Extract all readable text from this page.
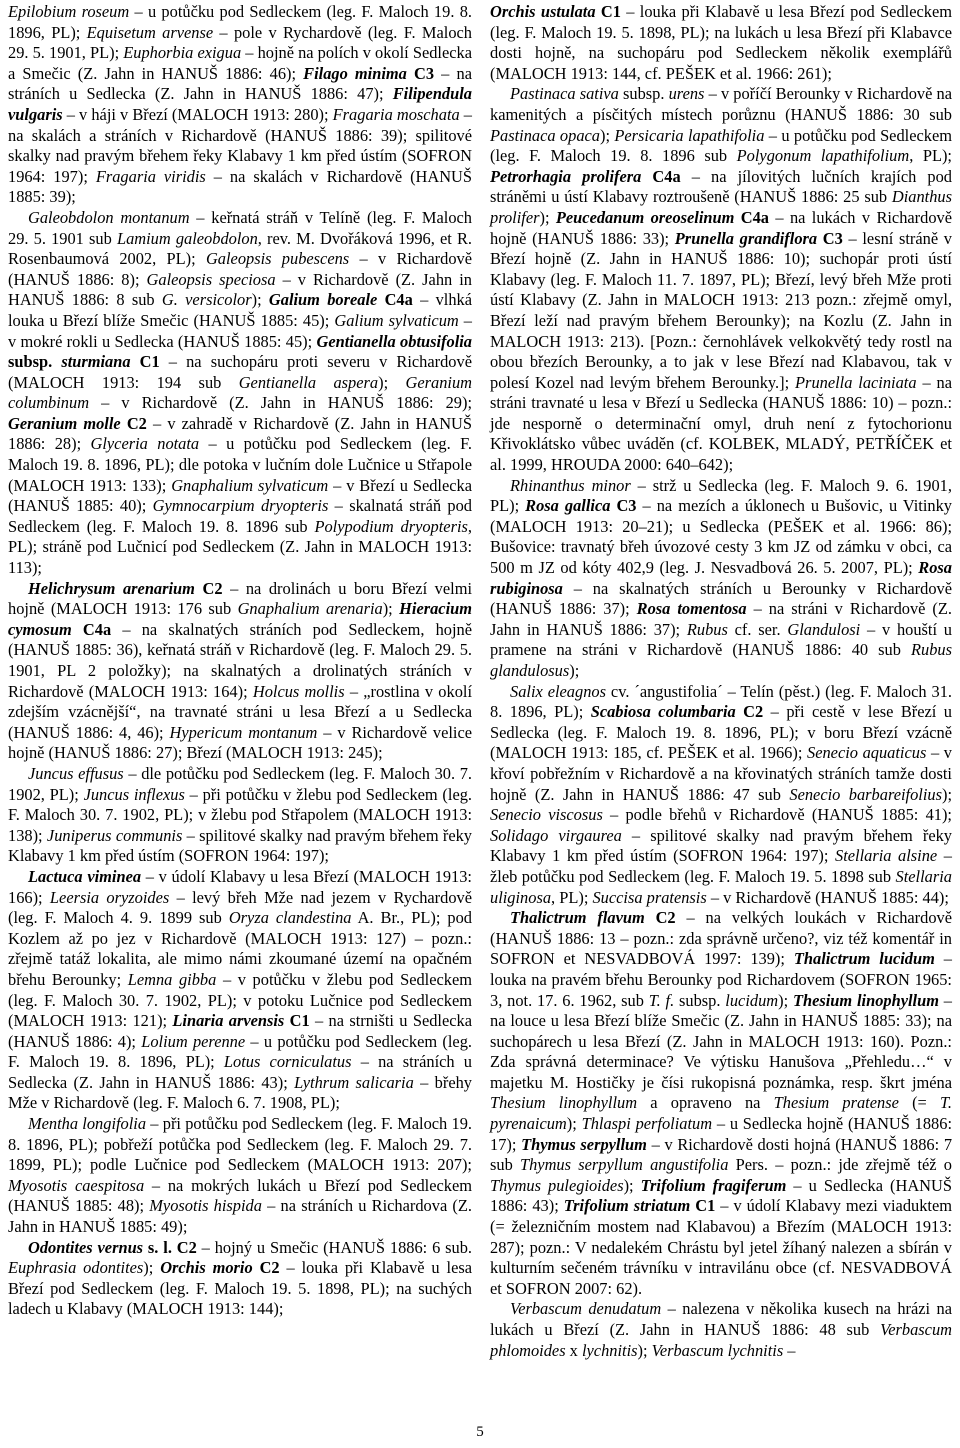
Epilobium roseum – u potůčku pod Sedleckem (leg. F. Maloch 19. 8. 1896, PL); Equisetum arvense – pole v Rychardově (leg. F. Maloch 29. 5. 1901, PL); Euphorbia exigua – hojně na polích v okolí Sedlecka a Smečic (Z. Jahn in HANUŠ 1886: 46); Filago minima C3 – na stráních u Sedlecka (Z. Jahn in HANUŠ 1886: 47); Filipendula vulgaris – v háji v Březí (MALOCH 1913: 280); Fragaria moschata – na skalách a stráních v Richardově (HANUŠ 1886: 39); spilitové skalky nad pravým břehem řeky Klabavy 1 km před ústím (SOFRON 1964: 197); Fragaria viridis – na skalách v Richardově (HANUŠ 1885: 39);

Galeobdolon montanum – keřnatá stráň v Telíně (leg. F. Maloch 29. 5. 1901 sub Lamium galeobdolon, rev. M. Dvořáková 1996, et R. Rosenbaumová 2002, PL); Galeopsis pubescens – v Richardově (HANUŠ 1886: 8); Galeopsis speciosa – v Richardově (Z. Jahn in HANUŠ 1886: 8 sub G. versicolor); Galium boreale C4a – vlhká louka u Březí blíže Smečic (HANUŠ 1885: 45); Galium sylvaticum – v mokré rokli u Sedlecka (HANUŠ 1885: 45); Gentianella obtusifolia subsp. sturmiana C1 – na suchopáru proti severu v Richardově (MALOCH 1913: 194 sub Gentianella aspera); Geranium columbinum – v Richardově (Z. Jahn in HANUŠ 1886: 29); Geranium molle C2 – v zahradě v Richardově (Z. Jahn in HANUŠ 1886: 28); Glyceria notata – u potůčku pod Sedleckem (leg. F. Maloch 19. 8. 1896, PL); dle potoka v lučním dole Lučnice u Střapole (MALOCH 1913: 133); Gnaphalium sylvaticum – v Březí u Sedlecka (HANUŠ 1885: 40); Gymnocarpium dryopteris – skalnatá stráň pod Sedleckem (leg. F. Maloch 19. 8. 1896 sub Polypodium dryopteris, PL); stráně pod Lučnicí pod Sedleckem (Z. Jahn in MALOCH 1913: 113);

Helichrysum arenarium C2 – na drolinách u boru Březí velmi hojně (MALOCH 1913: 176 sub Gnaphalium arenaria); Hieracium cymosum C4a – na skalnatých stráních pod Sedleckem, hojně (HANUŠ 1885: 36), keřnatá stráň v Richardově (leg. F. Maloch 29. 5. 1901, PL 2 položky); na skalnatých a drolinatých stráních v Richardově (MALOCH 1913: 164); Holcus mollis – „rostlina v okolí zdejším vzácnější“, na travnaté stráni u lesa Březí a u Sedlecka (HANUŠ 1886: 4, 46); Hypericum montanum – v Richardově velice hojně (HANUŠ 1886: 27); Březí (MALOCH 1913: 245);

Juncus effusus – dle potůčku pod Sedleckem (leg. F. Maloch 30. 7. 1902, PL); Juncus inflexus – při potůčku v žlebu pod Sedleckem (leg. F. Maloch 30. 7. 1902, PL); v žlebu pod Střapolem (MALOCH 1913: 138); Juniperus communis – spilitové skalky nad pravým břehem řeky Klabavy 1 km před ústím (SOFRON 1964: 197);

Lactuca viminea – v údolí Klabavy u lesa Březí (MALOCH 1913: 166); Leersia oryzoides – levý břeh Mže nad jezem v Rychardově (leg. F. Maloch 4. 9. 1899 sub Oryza clandestina A. Br., PL); pod Kozlem až po jez v Richardově (MALOCH 1913: 127) – pozn.: zřejmě tatáž lokalita, ale mimo námi zkoumané území na opačném břehu Berounky; Lemna gibba – v potůčku v žlebu pod Sedleckem (leg. F. Maloch 30. 7. 1902, PL); v potoku Lučnice pod Sedleckem (MALOCH 1913: 121); Linaria arvensis C1 – na strništi u Sedlecka (HANUŠ 1886: 4); Lolium perenne – u potůčku pod Sedleckem (leg. F. Maloch 19. 8. 1896, PL); Lotus corniculatus – na stráních u Sedlecka (Z. Jahn in HANUŠ 1886: 43); Lythrum salicaria – břehy Mže v Richardově (leg. F. Maloch 6. 7. 1908, PL);

Mentha longifolia – při potůčku pod Sedleckem (leg. F. Maloch 19. 8. 1896, PL); pobřeží potůčka pod Sedleckem (leg. F. Maloch 29. 7. 1899, PL); podle Lučnice pod Sedleckem (MALOCH 1913: 207); Myosotis caespitosa – na mokrých lukách u Březí pod Sedleckem (HANUŠ 1885: 48); Myosotis hispida – na stráních u Richardova (Z. Jahn in HANUŠ 1885: 49);

Odontites vernus s. l. C2 – hojný u Smečic (HANUŠ 1886: 6 sub. Euphrasia odontites); Orchis morio C2 – louka při Klabavě u lesa Březí pod Sedleckem (leg. F. Maloch 19. 5. 1898, PL); na suchých ladech u Klabavy (MALOCH 1913: 144);

Orchis ustulata C1 – louka při Klabavě u lesa Březí pod Sedleckem (leg. F. Maloch 19. 5. 1898, PL); na lukách u lesa Březí při Klabavce dosti hojně, na suchopáru pod Sedleckem několik exemplářů (MALOCH 1913: 144, cf. PEŠEK et al. 1966: 261);

Pastinaca sativa subsp. urens – v poříčí Berounky v Richardově na kamenitých a písčitých místech porůznu (HANUŠ 1886: 30 sub Pastinaca opaca); Persicaria lapathifolia – u potůčku pod Sedleckem (leg. F. Maloch 19. 8. 1896 sub Polygonum lapathifolium, PL); Petrorhagia prolifera C4a – na jílovitých lučních krajích pod stráněmi u ústí Klabavy roztroušeně (HANUŠ 1886: 25 sub Dianthus prolifer); Peucedanum oreoselinum C4a – na lukách v Richardově hojně (HANUŠ 1886: 33); Prunella grandiflora C3 – lesní stráně v Březí hojně (Z. Jahn in HANUŠ 1886: 10); suchopár proti ústí Klabavy (leg. F. Maloch 11. 7. 1897, PL); Březí, levý břeh Mže proti ústí Klabavy (Z. Jahn in MALOCH 1913: 213 pozn.: zřejmě omyl, Březí leží nad pravým břehem Berounky); na Kozlu (Z. Jahn in MALOCH 1913: 213). [Pozn.: černohlávek velkokvětý tedy rostl na obou březích Berounky, a to jak v lese Březí nad Klabavou, tak v polesí Kozel nad levým břehem Berounky.]; Prunella laciniata – na stráni travnaté u lesa v Březí u Sedlecka (HANUŠ 1886: 10) – pozn.: jde nesporně o determinační omyl, druh není z fytochorionu Křivoklátsko vůbec uváděn (cf. KOLBEK, MLADÝ, PETŘÍČEK et al. 1999, HROUDA 2000: 640–642);

Rhinanthus minor – strž u Sedlecka (leg. F. Maloch 9. 6. 1901, PL); Rosa gallica C3 – na mezích a úklonech u Bušovic, u Vitinky (MALOCH 1913: 20–21); u Sedlecka (PEŠEK et al. 1966: 86); Bušovice: travnatý břeh úvozové cesty 3 km JZ od zámku v obci, ca 500 m JZ od kóty 402,9 (leg. J. Nesvadbová 26. 5. 2007, PL); Rosa rubiginosa – na skalnatých stráních u Berounky v Richardově (HANUŠ 1886: 37); Rosa tomentosa – na stráni v Richardově (Z. Jahn in HANUŠ 1886: 37); Rubus cf. ser. Glandulosi – v houští u pramene na stráni v Richardově (HANUŠ 1886: 40 sub Rubus glandulosus);

Salix eleagnos cv. ´angustifolia´ – Telín (pěst.) (leg. F. Maloch 31. 8. 1896, PL); Scabiosa columbaria C2 – při cestě v lese Březí u Sedlecka (leg. F. Maloch 19. 8. 1896, PL); v boru Březí vzácně (MALOCH 1913: 185, cf. PEŠEK et al. 1966); Senecio aquaticus – v křoví pobřežním v Richardově a na křovinatých stráních tamže dosti hojně (Z. Jahn in HANUŠ 1886: 47 sub Senecio barbareifolius); Senecio viscosus – podle břehů v Richardově (HANUŠ 1885: 41); Solidago virgaurea – spilitové skalky nad pravým břehem řeky Klabavy 1 km před ústím (SOFRON 1964: 197); Stellaria alsine – žleb potůčku pod Sedleckem (leg. F. Maloch 19. 5. 1898 sub Stellaria uliginosa, PL); Succisa pratensis – v Richardově (HANUŠ 1885: 44);

Thalictrum flavum C2 – na velkých loukách v Richardově (HANUŠ 1886: 13 – pozn.: zda správně určeno?, viz též komentář in SOFRON et NESVADBOVÁ 1997: 139); Thalictrum lucidum – louka na pravém břehu Berounky pod Richardovem (SOFRON 1965: 3, not. 17. 6. 1962, sub T. f. subsp. lucidum); Thesium linophyllum – na louce u lesa Březí blíže Smečic (Z. Jahn in HANUŠ 1885: 33); na suchopárech u lesa Březí (Z. Jahn in MALOCH 1913: 160). Pozn.: Zda správná determinace? Ve výtisku Hanušova „Přehledu…“ v majetku M. Hostičky je čísi rukopisná poznámka, resp. škrt jména Thesium linophyllum a opraveno na Thesium pratense (= T. pyrenaicum); Thlaspi perfoliatum – u Sedlecka hojně (HANUŠ 1886: 17); Thymus serpyllum – v Richardově dosti hojná (HANUŠ 1886: 7 sub Thymus serpyllum angustifolia Pers. – pozn.: jde zřejmě též o Thymus pulegioides); Trifolium fragiferum – u Sedlecka (HANUŠ 1886: 43); Trifolium striatum C1 – v údolí Klabavy mezi viaduktem (= železničním mostem nad Klabavou) a Březím (MALOCH 1913: 287); pozn.: V nedalekém Chrástu byl jetel žíhaný nalezen a sbírán v kulturním sečeném trávníku v intravilánu obce (cf. NESVADBOVÁ et SOFRON 2007: 62).

Verbascum denudatum – nalezena v několika kusech na hrázi na lukách u Březí (Z. Jahn in HANUŠ 1886: 48 sub Verbascum phlomoides x lychnitis); Verbascum lychnitis –

5
